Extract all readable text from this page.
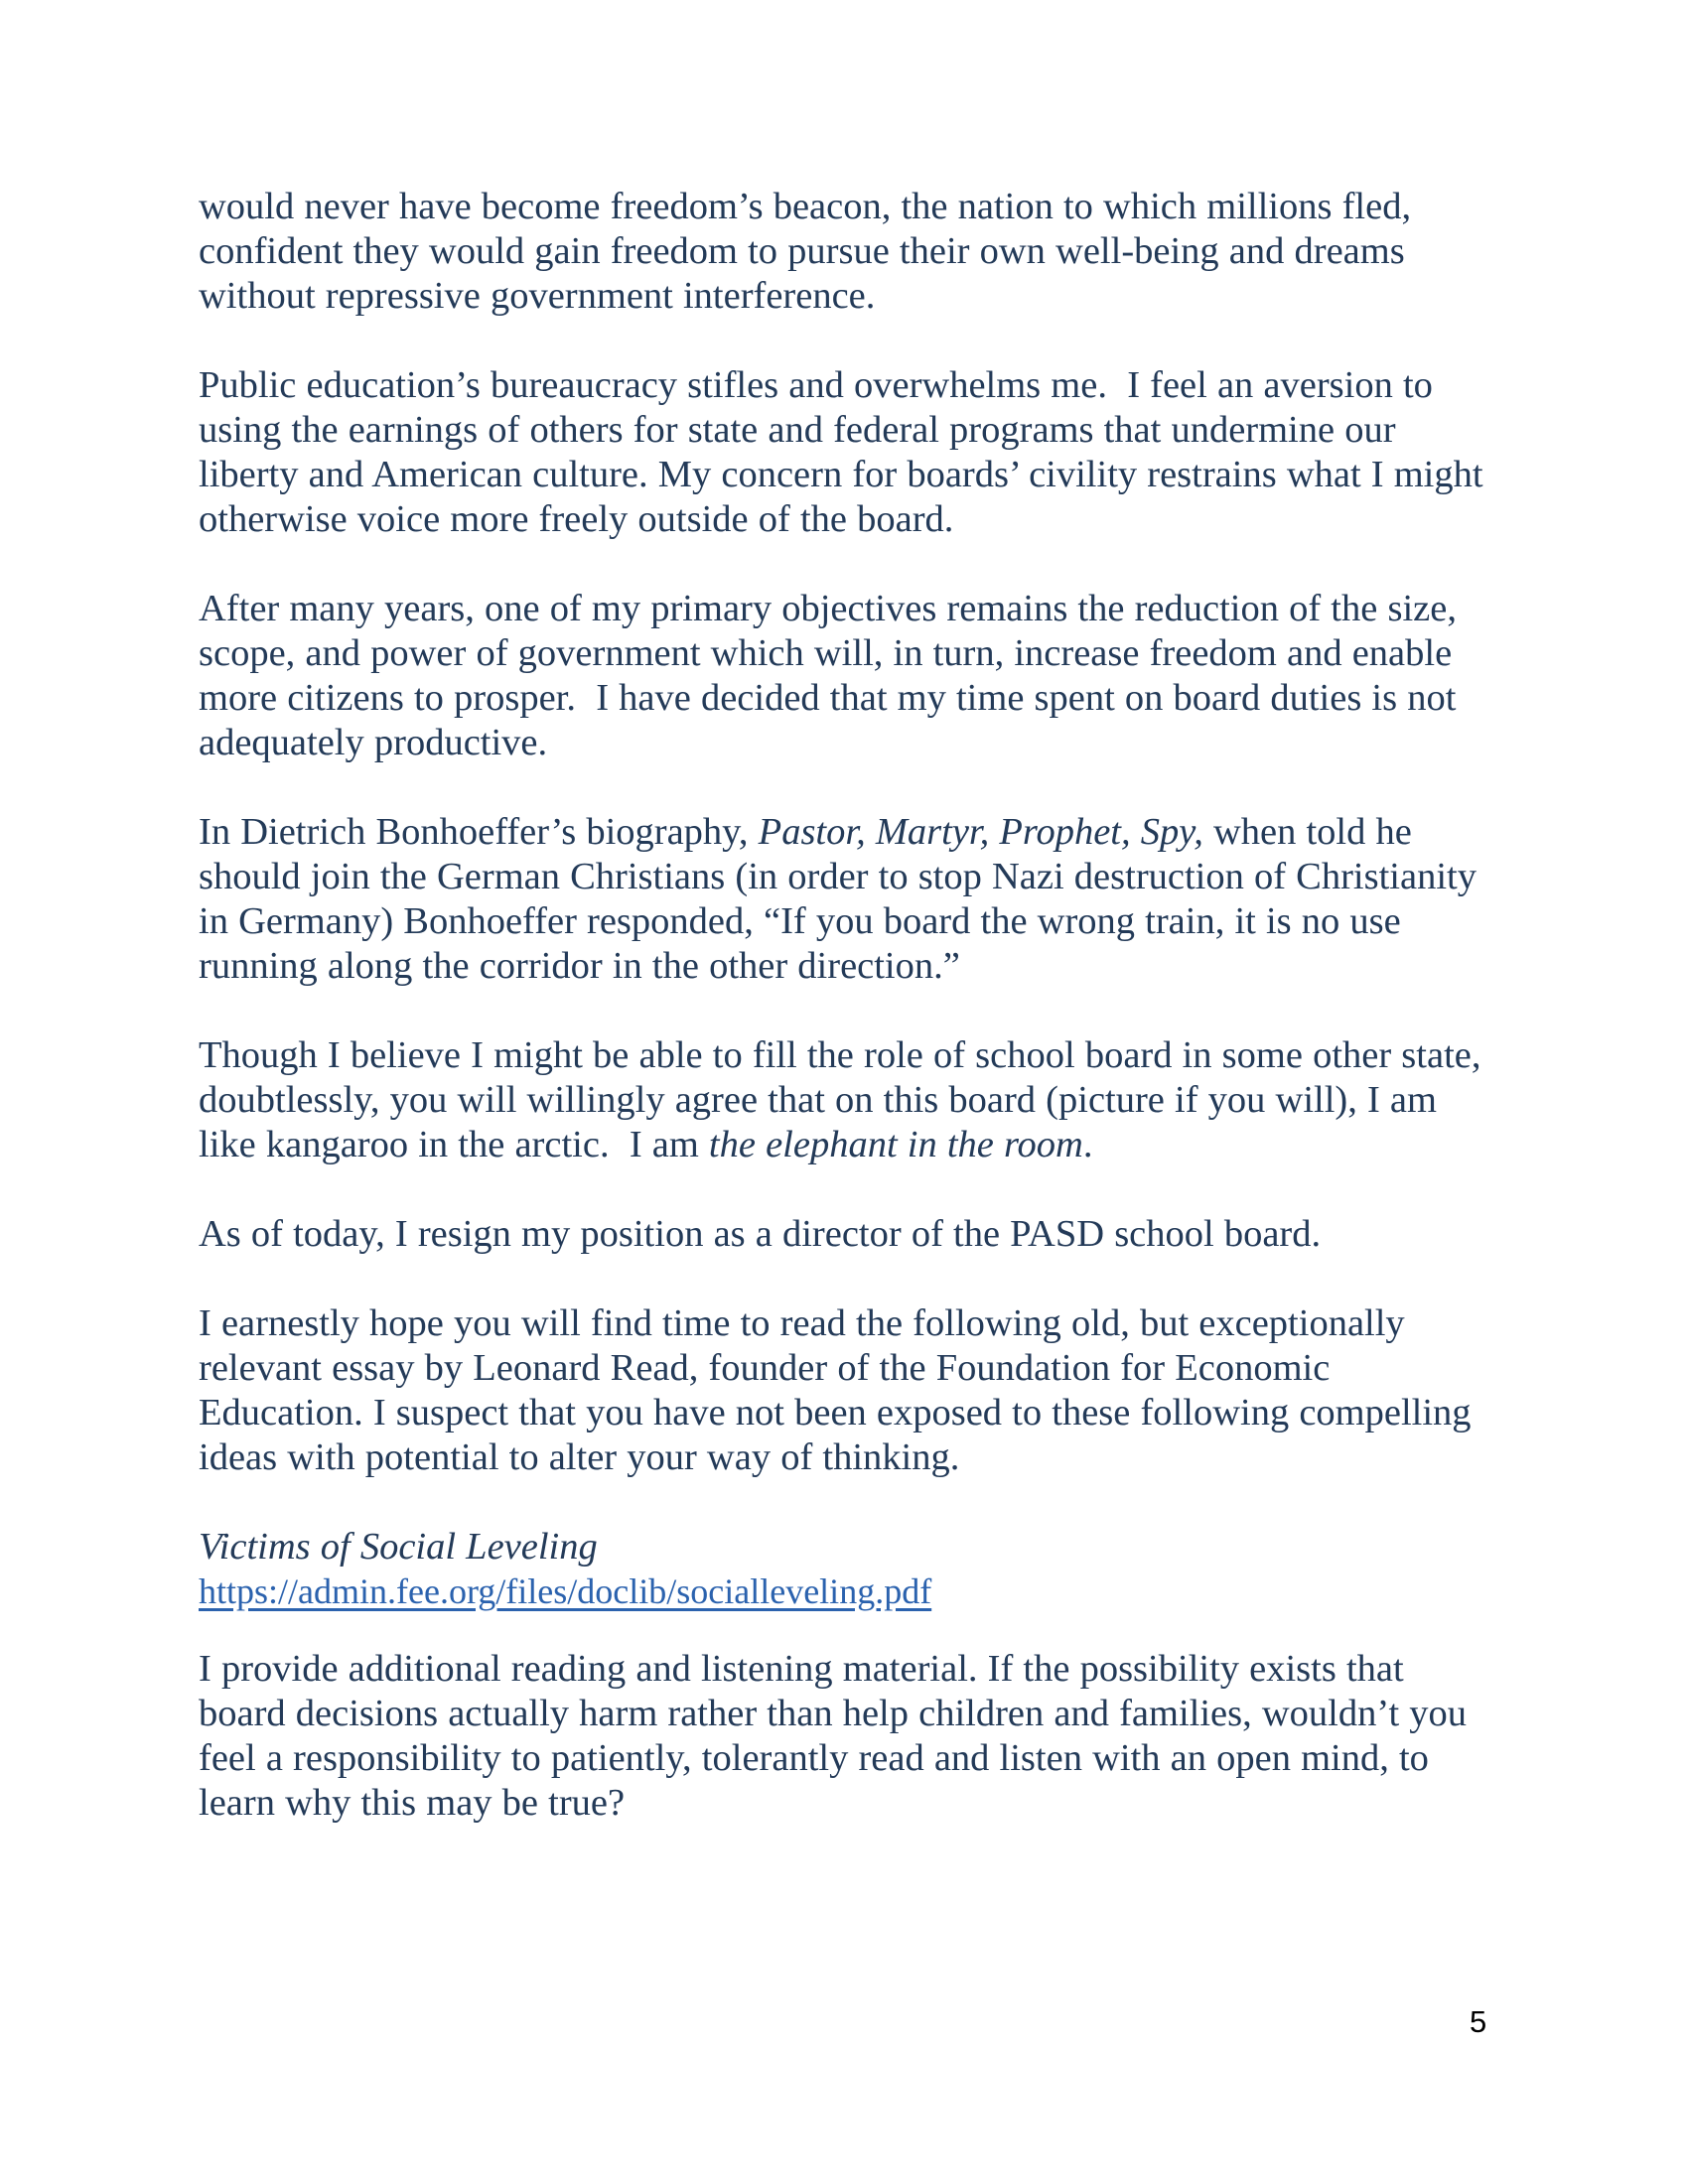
would never have become freedom’s beacon, the nation to which millions fled, confident they would gain freedom to pursue their own well-being and dreams without repressive government interference.

Public education’s bureaucracy stifles and overwhelms me.  I feel an aversion to using the earnings of others for state and federal programs that undermine our liberty and American culture. My concern for boards’ civility restrains what I might otherwise voice more freely outside of the board.

After many years, one of my primary objectives remains the reduction of the size, scope, and power of government which will, in turn, increase freedom and enable more citizens to prosper.  I have decided that my time spent on board duties is not adequately productive.

In Dietrich Bonhoeffer’s biography, Pastor, Martyr, Prophet, Spy, when told he should join the German Christians (in order to stop Nazi destruction of Christianity in Germany) Bonhoeffer responded, “If you board the wrong train, it is no use running along the corridor in the other direction.”

Though I believe I might be able to fill the role of school board in some other state, doubtlessly, you will willingly agree that on this board (picture if you will), I am like kangaroo in the arctic.  I am the elephant in the room.

As of today, I resign my position as a director of the PASD school board.

I earnestly hope you will find time to read the following old, but exceptionally relevant essay by Leonard Read, founder of the Foundation for Economic Education. I suspect that you have not been exposed to these following compelling ideas with potential to alter your way of thinking.

Victims of Social Leveling

https://admin.fee.org/files/doclib/socialleveling.pdf

I provide additional reading and listening material. If the possibility exists that board decisions actually harm rather than help children and families, wouldn’t you feel a responsibility to patiently, tolerantly read and listen with an open mind, to learn why this may be true?

5
